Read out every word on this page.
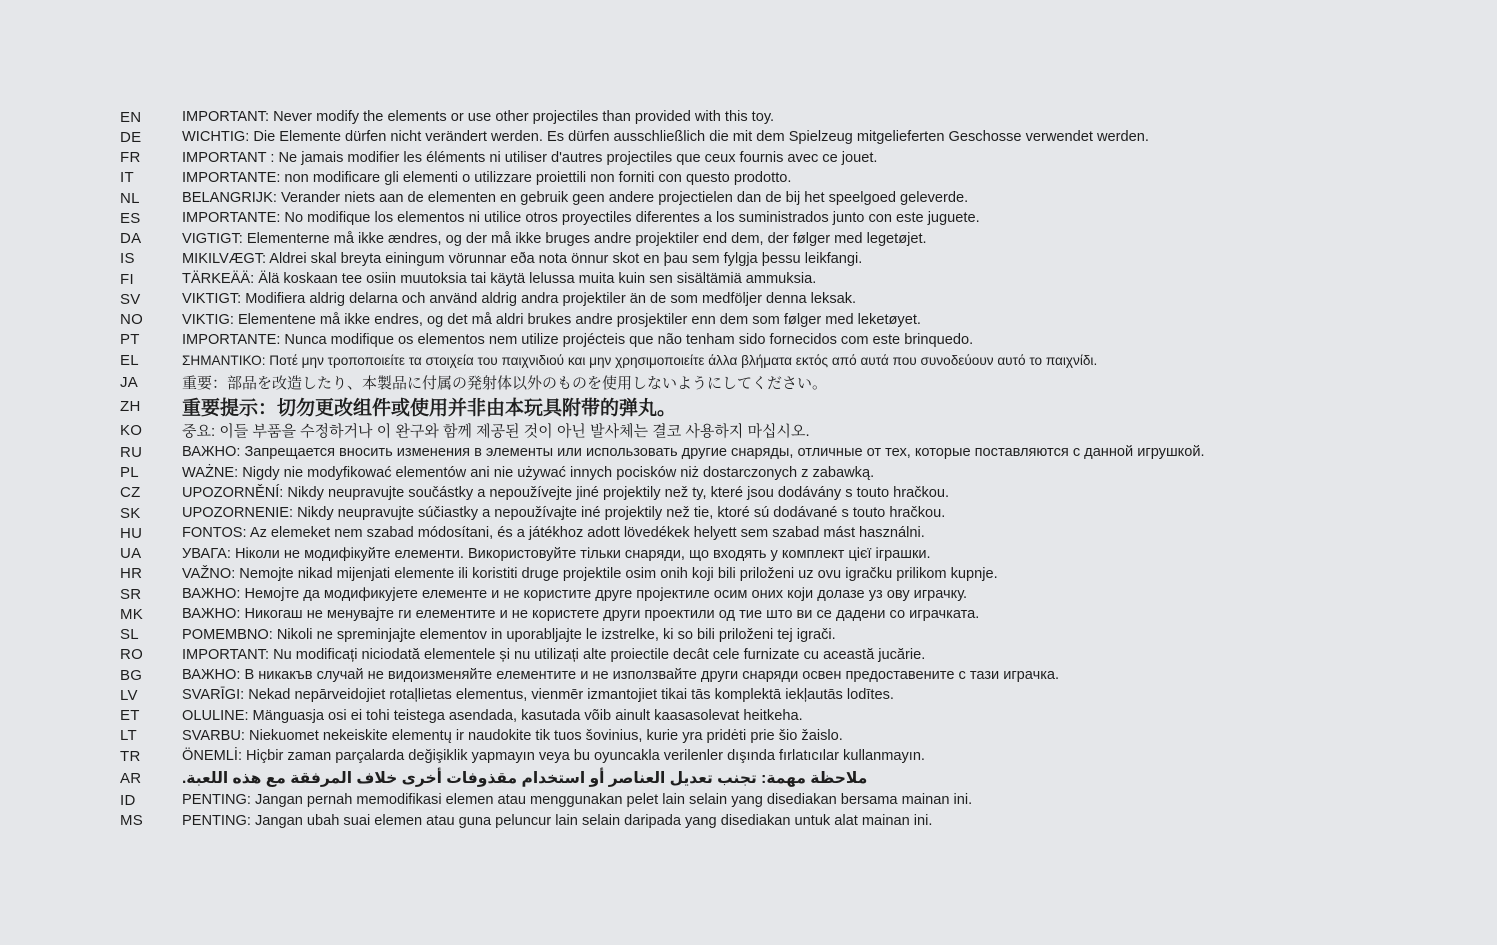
EN	IMPORTANT: Never modify the elements or use other projectiles than provided with this toy.
DE	WICHTIG: Die Elemente dürfen nicht verändert werden. Es dürfen ausschließlich die mit dem Spielzeug mitgelieferten Geschosse verwendet werden.
FR	IMPORTANT : Ne jamais modifier les éléments ni utiliser d'autres projectiles que ceux fournis avec ce jouet.
IT	IMPORTANTE: non modificare gli elementi o utilizzare proiettili non forniti con questo prodotto.
NL	BELANGRIJK: Verander niets aan de elementen en gebruik geen andere projectielen dan de bij het speelgoed geleverde.
ES	IMPORTANTE: No modifique los elementos ni utilice otros proyectiles diferentes a los suministrados junto con este juguete.
DA	VIGTIGT: Elementerne må ikke ændres, og der må ikke bruges andre projektiler end dem, der følger med legetøjet.
IS	MIKILVÆGT: Aldrei skal breyta einingum vörunnar eða nota önnur skot en þau sem fylgja þessu leikfangi.
FI	TÄRKEÄÄ: Älä koskaan tee osiin muutoksia tai käytä lelussa muita kuin sen sisältämiä ammuksia.
SV	VIKTIGT: Modifiera aldrig delarna och använd aldrig andra projektiler än de som medföljer denna leksak.
NO	VIKTIG: Elementene må ikke endres, og det må aldri brukes andre prosjektiler enn dem som følger med leketøyet.
PT	IMPORTANTE: Nunca modifique os elementos nem utilize projécteis que não tenham sido fornecidos com este brinquedo.
EL	ΣΗΜΑΝΤΙΚΟ: Ποτέ μην τροποποιείτε τα στοιχεία του παιχνιδιού και μην χρησιμοποιείτε άλλα βλήματα εκτός από αυτά που συνοδεύουν αυτό το παιχνίδι.
JA	重要：部品を改造したり、本製品に付属の発射体以外のものを使用しないようにしてください。
ZH	重要提示：切勿更改组件或使用并非由本玩具附带的弹丸。
KO	중요: 이들 부품을 수정하거나 이 완구와 함께 제공된 것이 아닌 발사체는 결코 사용하지 마십시오.
RU	ВАЖНО: Запрещается вносить изменения в элементы или использовать другие снаряды, отличные от тех, которые поставляются с данной игрушкой.
PL	WAŻNE: Nigdy nie modyfikować elementów ani nie używać innych pocisków niż dostarczonych z zabawką.
CZ	UPOZORNĚNÍ: Nikdy neupravujte součástky a nepoužívejte jiné projektily než ty, které jsou dodávány s touto hračkou.
SK	UPOZORNENIE: Nikdy neupravujte súčiastky a nepoužívajte iné projektily než tie, ktoré sú dodávané s touto hračkou.
HU	FONTOS: Az elemeket nem szabad módosítani, és a játékhoz adott lövedékek helyett sem szabad mást használni.
UA	УВАГА: Ніколи не модифікуйте елементи. Використовуйте тільки снаряди, що входять у комплект цієї іграшки.
HR	VAŽNO: Nemojte nikad mijenjati elemente ili koristiti druge projektile osim onih koji bili priloženi uz ovu igračku prilikom kupnje.
SR	ВАЖНО: Немојте да модификујете елементе и не користите друге пројектиле осим оних који долазе уз ову играчку.
MK	ВАЖНО: Никогаш не менувајте ги елементите и не користете други проектили од тие што ви се дадени со играчката.
SL	POMEMBNO: Nikoli ne spreminjajte elementov in uporabljajte le izstrelke, ki so bili priloženi tej igrači.
RO	IMPORTANT: Nu modificați niciodată elementele și nu utilizați alte proiectile decât cele furnizate cu această jucărie.
BG	ВАЖНО: В никакъв случай не видоизменяйте елементите и не използвайте други снаряди освен предоставените с тази играчка.
LV	SVARĪGI: Nekad nepārveidojiet rotaļlietas elementus, vienmēr izmantojiet tikai tās komplektā iekļautās lodītes.
ET	OLULINE: Mänguasja osi ei tohi teistega asendada, kasutada võib ainult kaasasolevat heitkeha.
LT	SVARBU: Niekuomet nekeiskite elementų ir naudokite tik tuos šovinius, kurie yra pridėti prie šio žaislo.
TR	ÖNEMLİ: Hiçbir zaman parçalarda değişiklik yapmayın veya bu oyuncakla verilenler dışında fırlatıcılar kullanmayın.
AR	ملاحظة مهمة: تجنب تعديل العناصر أو استخدام مقذوفات أخرى خلاف المرفقة مع هذه اللعبة.
ID	PENTING: Jangan pernah memodifikasi elemen atau menggunakan pelet lain selain yang disediakan bersama mainan ini.
MS	PENTING: Jangan ubah suai elemen atau guna peluncur lain selain daripada yang disediakan untuk alat mainan ini.
